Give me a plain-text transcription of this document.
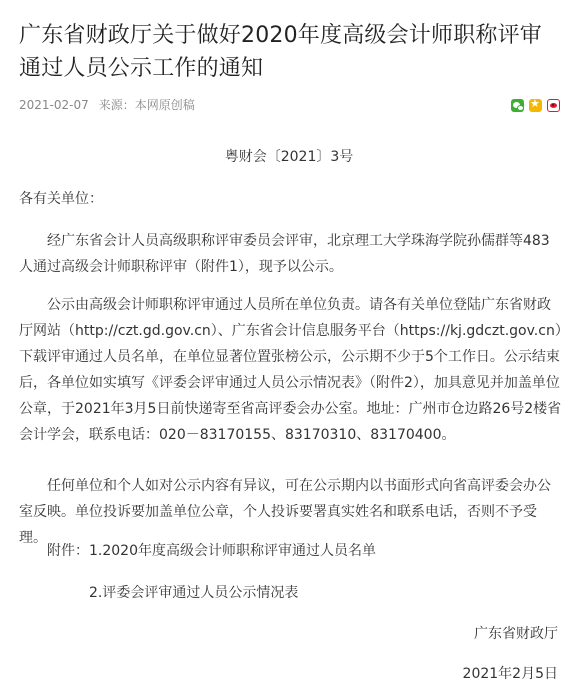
广东省财政厅关于做好2020年度高级会计师职称评审通过人员公示工作的通知
2021-02-07 来源：本网原创稿
★
粤财会〔2021〕3号

各有关单位：

经广东省会计人员高级职称评审委员会评审，北京理工大学珠海学院孙儒群等483人通过高级会计师职称评审（附件1），现予以公示。

公示由高级会计师职称评审通过人员所在单位负责。请各有关单位登陆广东省财政厅网站（http://czt.gd.gov.cn）、广东省会计信息服务平台（https://kj.gdczt.gov.cn）下载评审通过人员名单，在单位显著位置张榜公示，公示期不少于5个工作日。公示结束后，各单位如实填写《评委会评审通过人员公示情况表》（附件2），加具意见并加盖单位公章，于2021年3月5日前快递寄至省高评委会办公室。地址：广州市仓边路26号2楼省会计学会，联系电话：020－83170155、83170310、83170400。

任何单位和个人如对公示内容有异议，可在公示期内以书面形式向省高评委会办公室反映。单位投诉要加盖单位公章，个人投诉要署真实姓名和联系电话，否则不予受理。

附件：1.2020年度高级会计师职称评审通过人员名单

2.评委会评审通过人员公示情况表

广东省财政厅
2021年2月5日
